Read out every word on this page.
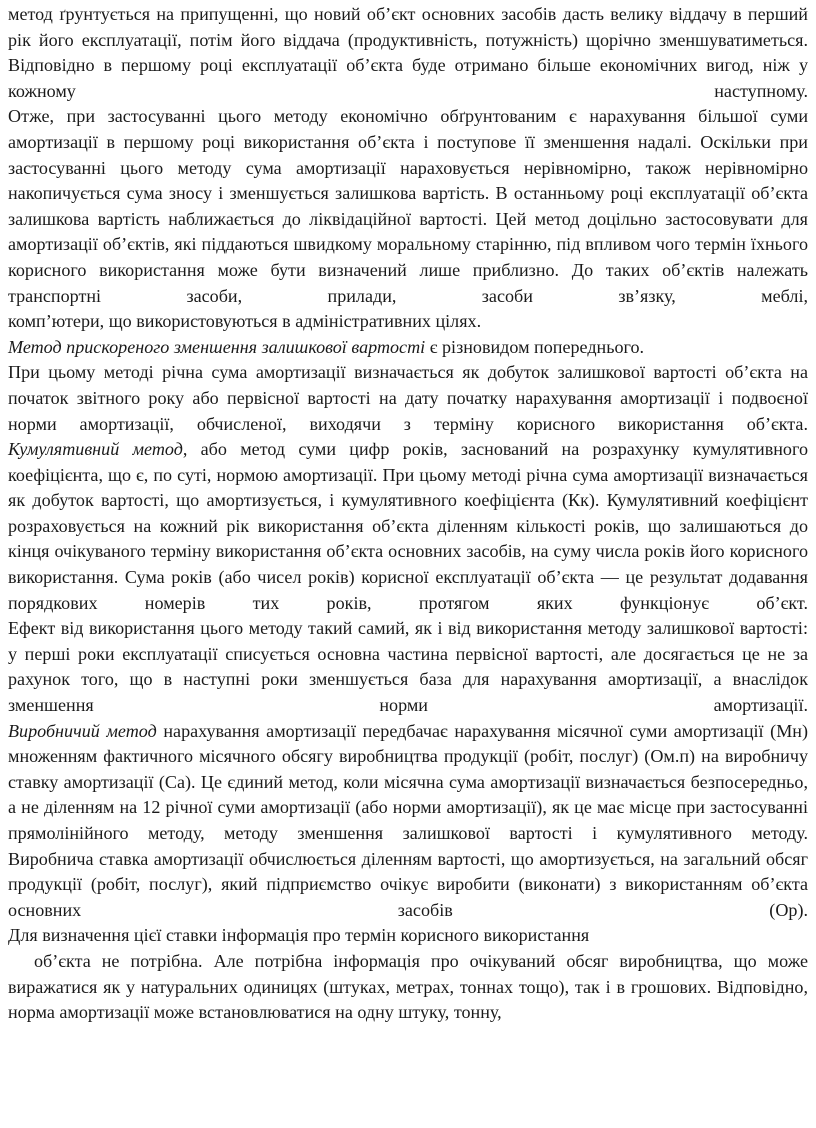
метод ґрунтується на припущенні, що новий об’єкт основних засобів дасть велику віддачу в перший рік його експлуатації, потім його віддача (продуктивність, потужність) щорічно зменшуватиметься. Відповідно в першому році експлуатації об’єкта буде отримано більше економічних вигод, ніж у кожному наступному.

Отже, при застосуванні цього методу економічно обґрунтованим є нарахування більшої суми амортизації в першому році використання об’єкта і поступове її зменшення надалі. Оскільки при застосуванні цього методу сума амортизації нараховується нерівномірно, також нерівномірно накопичується сума зносу і зменшується залишкова вартість. В останньому році експлуатації об’єкта залишкова вартість наближається до ліквідаційної вартості. Цей метод доцільно застосовувати для амортизації об’єктів, які піддаються швидкому моральному старінню, під впливом чого термін їхнього корисного використання може бути визначений лише приблизно. До таких об’єктів належать транспортні засоби, прилади, засоби зв’язку, меблі,

комп’ютери, що використовуються в адміністративних цілях.

Метод прискореного зменшення залишкової вартості є різновидом попереднього.

При цьому методі річна сума амортизації визначається як добуток залишкової вартості об’єкта на початок звітного року або первісної вартості на дату початку нарахування амортизації і подвоєної норми амортизації, обчисленої, виходячи з терміну корисного використання об’єкта.

Кумулятивний метод, або метод суми цифр років, заснований на розрахунку кумулятивного коефіцієнта, що є, по суті, нормою амортизації. При цьому методі річна сума амортизації визначається як добуток вартості, що амортизується, і кумулятивного коефіцієнта (Кк). Кумулятивний коефіцієнт розраховується на кожний рік використання об’єкта діленням кількості років, що залишаються до кінця очікуваного терміну використання об’єкта основних засобів, на суму числа років його корисного використання. Сума років (або чисел років) корисної експлуатації об’єкта — це результат додавання порядкових номерів тих років, протягом яких функціонує об’єкт.

Ефект від використання цього методу такий самий, як і від використання методу залишкової вартості: у перші роки експлуатації списується основна частина первісної вартості, але досягається це не за рахунок того, що в наступні роки зменшується база для нарахування амортизації, а внаслідок зменшення норми амортизації.

Виробничий метод нарахування амортизації передбачає нарахування місячної суми амортизації (Мн) множенням фактичного місячного обсягу виробництва продукції (робіт, послуг) (Ом.п) на виробничу ставку амортизації (Са). Це єдиний метод, коли місячна сума амортизації визначається безпосередньо, а не діленням на 12 річної суми амортизації (або норми амортизації), як це має місце при застосуванні прямолінійного методу, методу зменшення залишкової вартості і кумулятивного методу.

Виробнича ставка амортизації обчислюється діленням вартості, що амортизується, на загальний обсяг продукції (робіт, послуг), який підприємство очікує виробити (виконати) з використанням об’єкта основних засобів (Ор).

Для визначення цієї ставки інформація про термін корисного використання

об’єкта не потрібна. Але потрібна інформація про очікуваний обсяг виробництва, що може виражатися як у натуральних одиницях (штуках, метрах, тоннах тощо), так і в грошових. Відповідно, норма амортизації може встановлюватися на одну штуку, тонну,
